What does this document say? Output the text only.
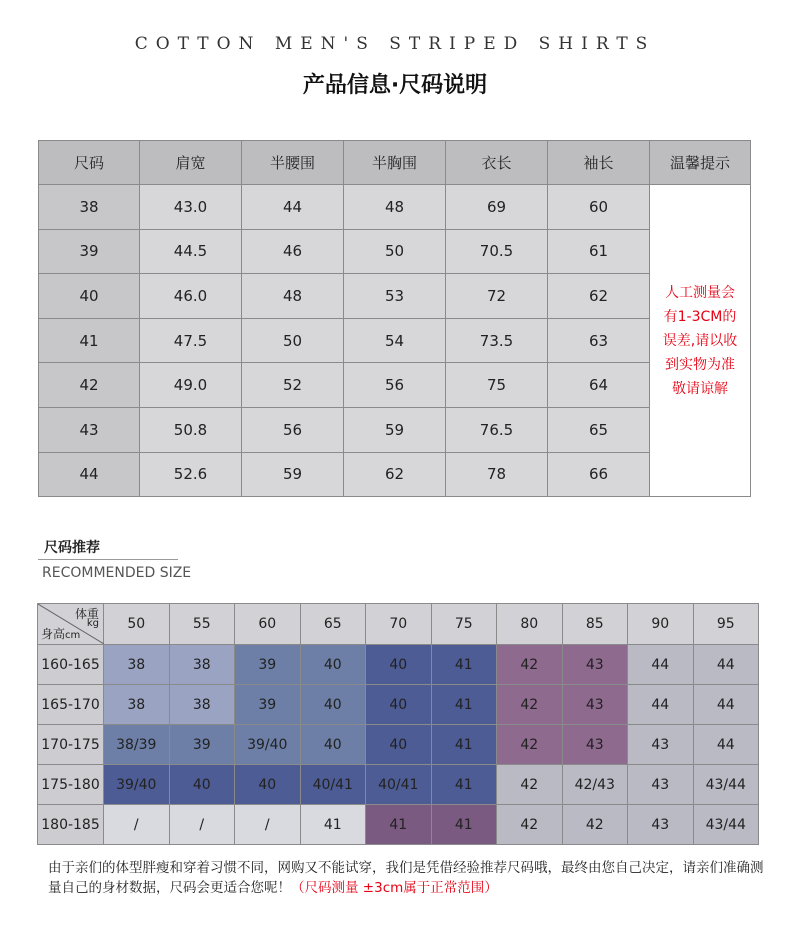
COTTON MEN'S STRIPED SHIRTS
产品信息·尺码说明
尺码	肩宽	半腰围	半胸围	衣长	袖长	温馨提示
38	43.0	44	48	69	60	人工测量会
有1-3CM的
误差,请以收
到实物为准
敬请谅解

39	44.5	46	50	70.5	61	
40	46.0	48	53	72	62	
41	47.5	50	54	73.5	63	
42	49.0	52	56	75	64	
43	50.8	56	59	76.5	65	
44	52.6	59	62	78	66	
尺码推荐
RECOMMENDED SIZE
体重
kg
身高cm	50	55	60	65	70	75	80	85	90	95
160-165	38	38	39	40	40	41	42	43	44	44
165-170	38	38	39	40	40	41	42	43	44	44
170-175	38/39	39	39/40	40	40	41	42	43	43	44
175-180	39/40	40	40	40/41	40/41	41	42	42/43	43	43/44
180-185	/	/	/	41	41	41	42	42	43	43/44
由于亲们的体型胖瘦和穿着习惯不同，网购又不能试穿，我们是凭借经验推荐尺码哦，最终由您自己决定，请亲们准确测量自己的身材数据，尺码会更适合您呢！（尺码测量 ±3cm属于正常范围）
